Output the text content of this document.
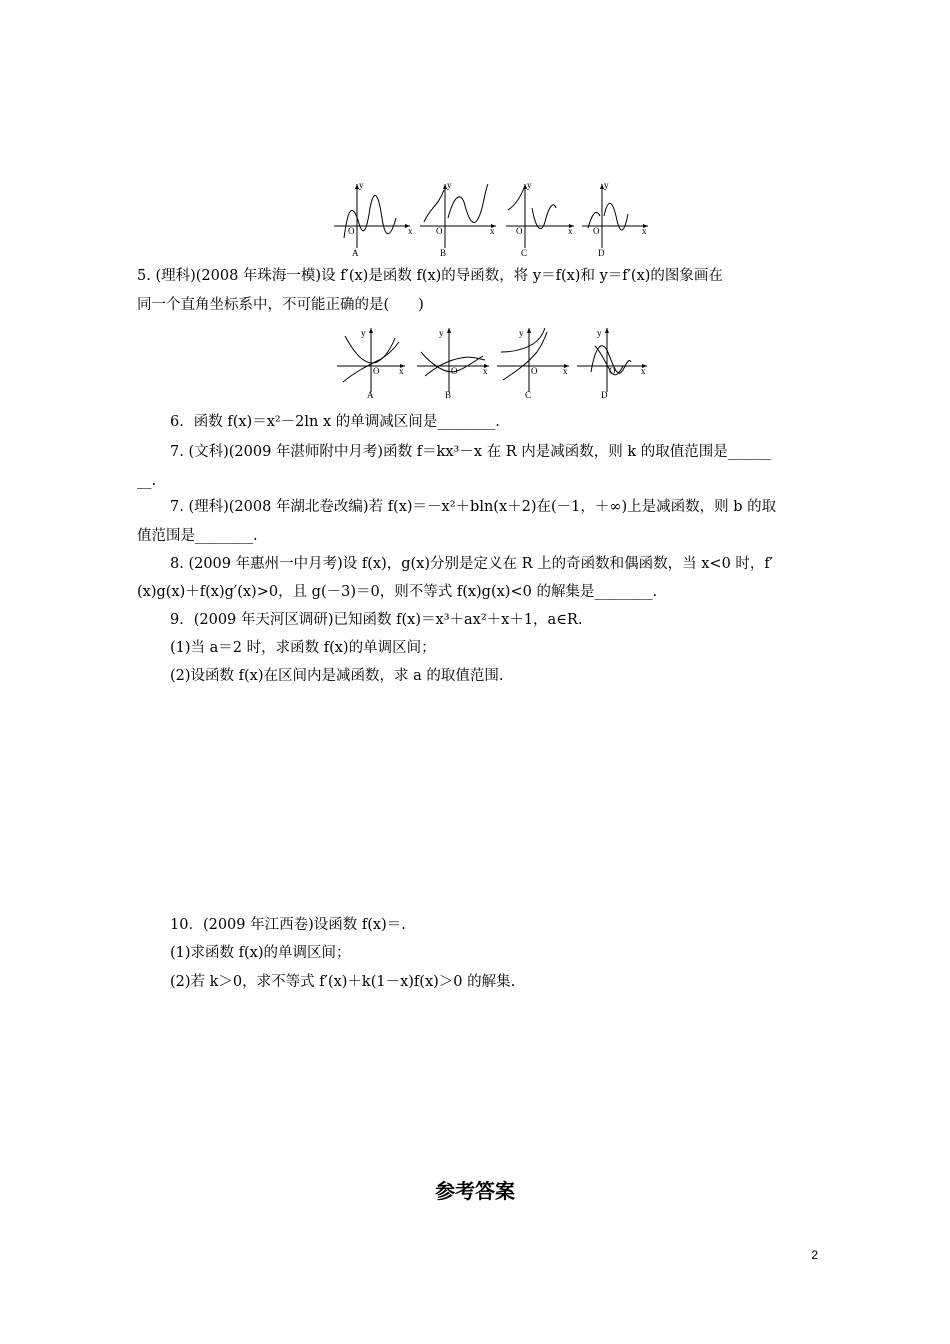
y
O	x
y
O	x
y
O	x
y
O	x
A	B	C	D
5. (理科)(2008 年珠海一模)设 f′(x)是函数 f(x)的导函数，将 y＝f(x)和 y＝f′(x)的图象画在
同一个直角坐标系中，不可能正确的是(　　)
y
O x
y
O	x
y
O	x
y
O	x
A	B	C	D
6．函数 f(x)＝x²－2ln x 的单调减区间是________.
7. (文科)(2009 年湛师附中月考)函数 f＝kx³－x 在 R 内是减函数，则 k 的取值范围是______
__.
7. (理科)(2008 年湖北卷改编)若 f(x)＝－x²＋bln(x＋2)在(－1，＋∞)上是减函数，则 b 的取
值范围是________.
8. (2009 年惠州一中月考)设 f(x)，g(x)分别是定义在 R 上的奇函数和偶函数，当 x<0 时，f′
(x)g(x)＋f(x)g′(x)>0，且 g(－3)＝0，则不等式 f(x)g(x)<0 的解集是________.
9．(2009 年天河区调研)已知函数 f(x)＝x³＋ax²＋x＋1，a∈R.
(1)当 a＝2 时，求函数 f(x)的单调区间；
(2)设函数 f(x)在区间内是减函数，求 a 的取值范围.
10．(2009 年江西卷)设函数 f(x)＝.
(1)求函数 f(x)的单调区间；
(2)若 k＞0，求不等式 f′(x)＋k(1－x)f(x)＞0 的解集.
参考答案
2
